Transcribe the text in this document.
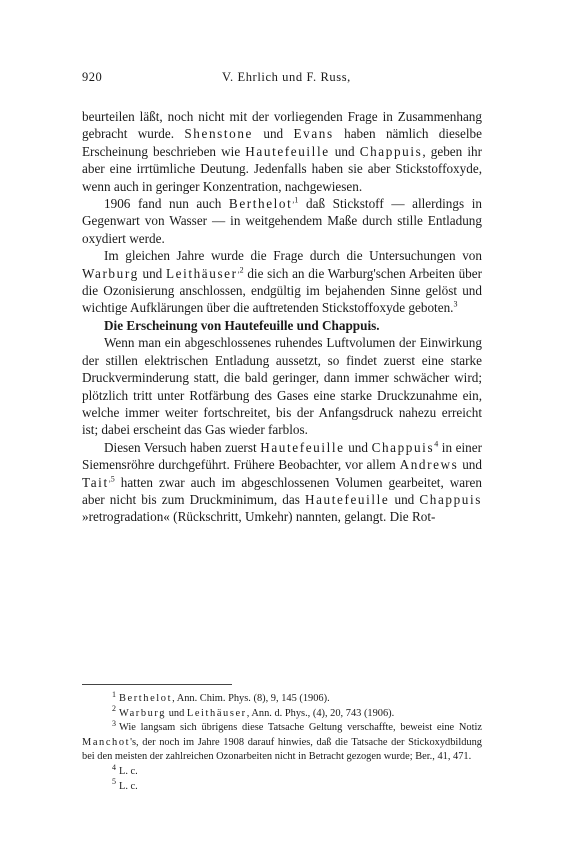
920	V. Ehrlich und F. Russ,

beurteilen läßt, noch nicht mit der vorliegenden Frage in Zusammenhang gebracht wurde. Shenstone und Evans haben nämlich dieselbe Erscheinung beschrieben wie Hautefeuille und Chappuis, geben ihr aber eine irrtümliche Deutung. Jedenfalls haben sie aber Stickstoffoxyde, wenn auch in geringer Konzentration, nachgewiesen.

1906 fand nun auch Berthelot$^{,1}$ daß Stickstoff — allerdings in Gegenwart von Wasser — in weitgehendem Maße durch stille Entladung oxydiert werde.

Im gleichen Jahre wurde die Frage durch die Untersuchungen von Warburg und Leithäuser$^{,2}$ die sich an die Warburg'schen Arbeiten über die Ozonisierung anschlossen, endgültig im bejahenden Sinne gelöst und wichtige Aufklärungen über die auftretenden Stickstoffoxyde geboten.$^3$

Die Erscheinung von Hautefeuille und Chappuis.

Wenn man ein abgeschlossenes ruhendes Luftvolumen der Einwirkung der stillen elektrischen Entladung aussetzt, so findet zuerst eine starke Druckverminderung statt, die bald geringer, dann immer schwächer wird; plötzlich tritt unter Rotfärbung des Gases eine starke Druckzunahme ein, welche immer weiter fortschreitet, bis der Anfangsdruck nahezu erreicht ist; dabei erscheint das Gas wieder farblos.

Diesen Versuch haben zuerst Hautefeuille und Chappuis$^4$ in einer Siemensröhre durchgeführt. Frühere Beobachter, vor allem Andrews und Tait$^{,5}$ hatten zwar auch im abgeschlossenen Volumen gearbeitet, waren aber nicht bis zum Druckminimum, das Hautefeuille und Chappuis »retrogradation« (Rückschritt, Umkehr) nannten, gelangt. Die Rot-

$^1$ Berthelot, Ann. Chim. Phys. (8), 9, 145 (1906).

$^2$ Warburg und Leithäuser, Ann. d. Phys., (4), 20, 743 (1906).

$^3$ Wie langsam sich übrigens diese Tatsache Geltung verschaffte, beweist eine Notiz Manchot's, der noch im Jahre 1908 darauf hinwies, daß die Tatsache der Stickoxydbildung bei den meisten der zahlreichen Ozonarbeiten nicht in Betracht gezogen wurde; Ber., 41, 471.

$^4$ L. c.

$^5$ L. c.
